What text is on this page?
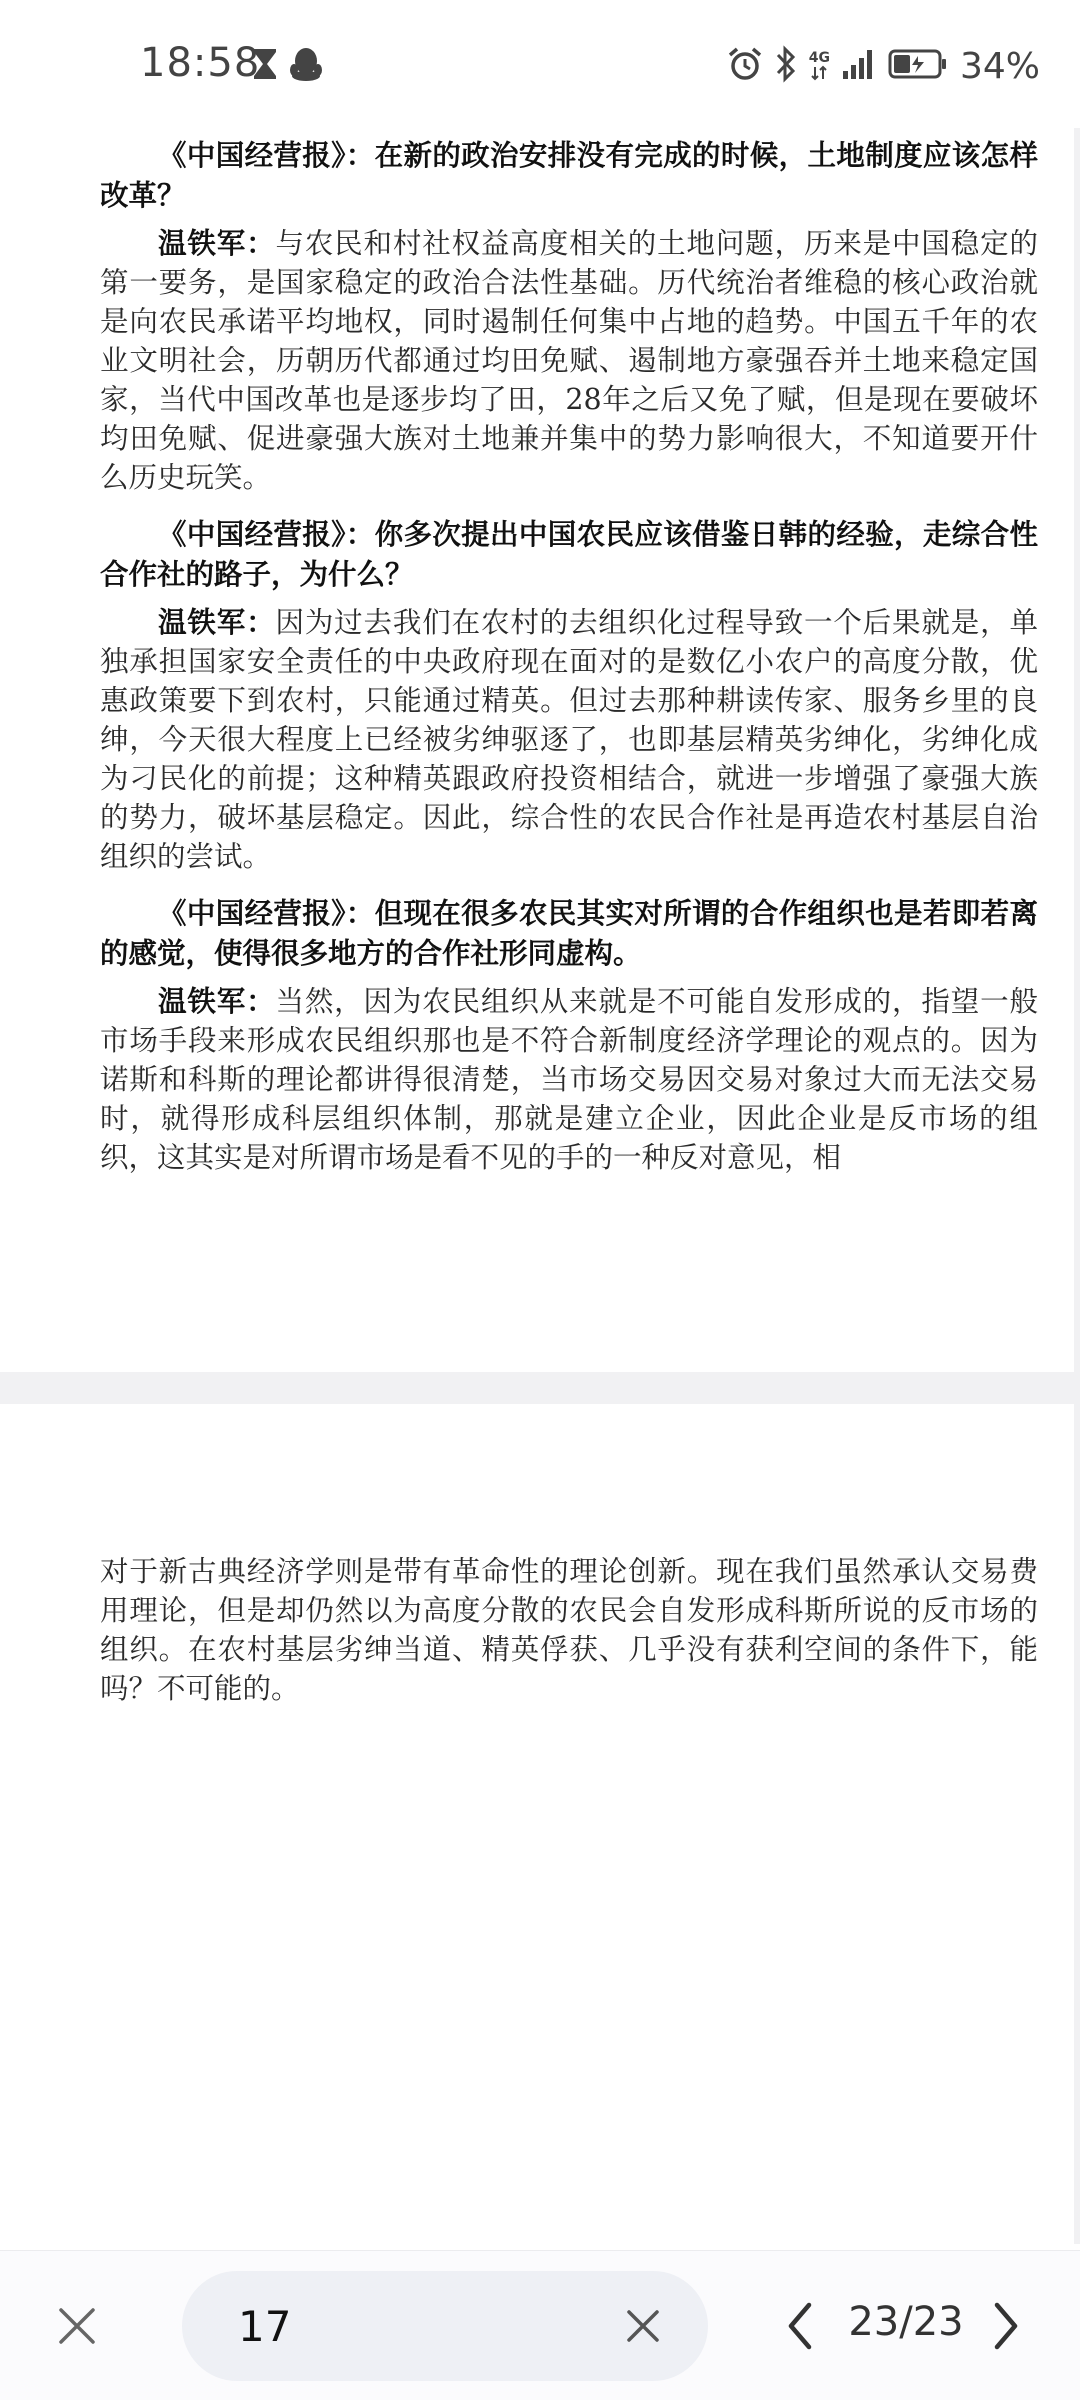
18:58	4G	34%

《中国经营报》：在新的政治安排没有完成的时候，土地制度应该怎样改革？

温铁军：与农民和村社权益高度相关的土地问题，历来是中国稳定的第一要务，是国家稳定的政治合法性基础。历代统治者维稳的核心政治就是向农民承诺平均地权，同时遏制任何集中占地的趋势。中国五千年的农业文明社会，历朝历代都通过均田免赋、遏制地方豪强吞并土地来稳定国家，当代中国改革也是逐步均了田，28年之后又免了赋，但是现在要破坏均田免赋、促进豪强大族对土地兼并集中的势力影响很大，不知道要开什么历史玩笑。

《中国经营报》：你多次提出中国农民应该借鉴日韩的经验，走综合性合作社的路子，为什么？

温铁军：因为过去我们在农村的去组织化过程导致一个后果就是，单独承担国家安全责任的中央政府现在面对的是数亿小农户的高度分散，优惠政策要下到农村，只能通过精英。但过去那种耕读传家、服务乡里的良绅，今天很大程度上已经被劣绅驱逐了，也即基层精英劣绅化，劣绅化成为刁民化的前提；这种精英跟政府投资相结合，就进一步增强了豪强大族的势力，破坏基层稳定。因此，综合性的农民合作社是再造农村基层自治组织的尝试。

《中国经营报》：但现在很多农民其实对所谓的合作组织也是若即若离的感觉，使得很多地方的合作社形同虚构。

温铁军：当然，因为农民组织从来就是不可能自发形成的，指望一般市场手段来形成农民组织那也是不符合新制度经济学理论的观点的。因为诺斯和科斯的理论都讲得很清楚，当市场交易因交易对象过大而无法交易时，就得形成科层组织体制，那就是建立企业，因此企业是反市场的组织，这其实是对所谓市场是看不见的手的一种反对意见，相

对于新古典经济学则是带有革命性的理论创新。现在我们虽然承认交易费用理论，但是却仍然以为高度分散的农民会自发形成科斯所说的反市场的组织。在农村基层劣绅当道、精英俘获、几乎没有获利空间的条件下，能吗？不可能的。

17
23/23
